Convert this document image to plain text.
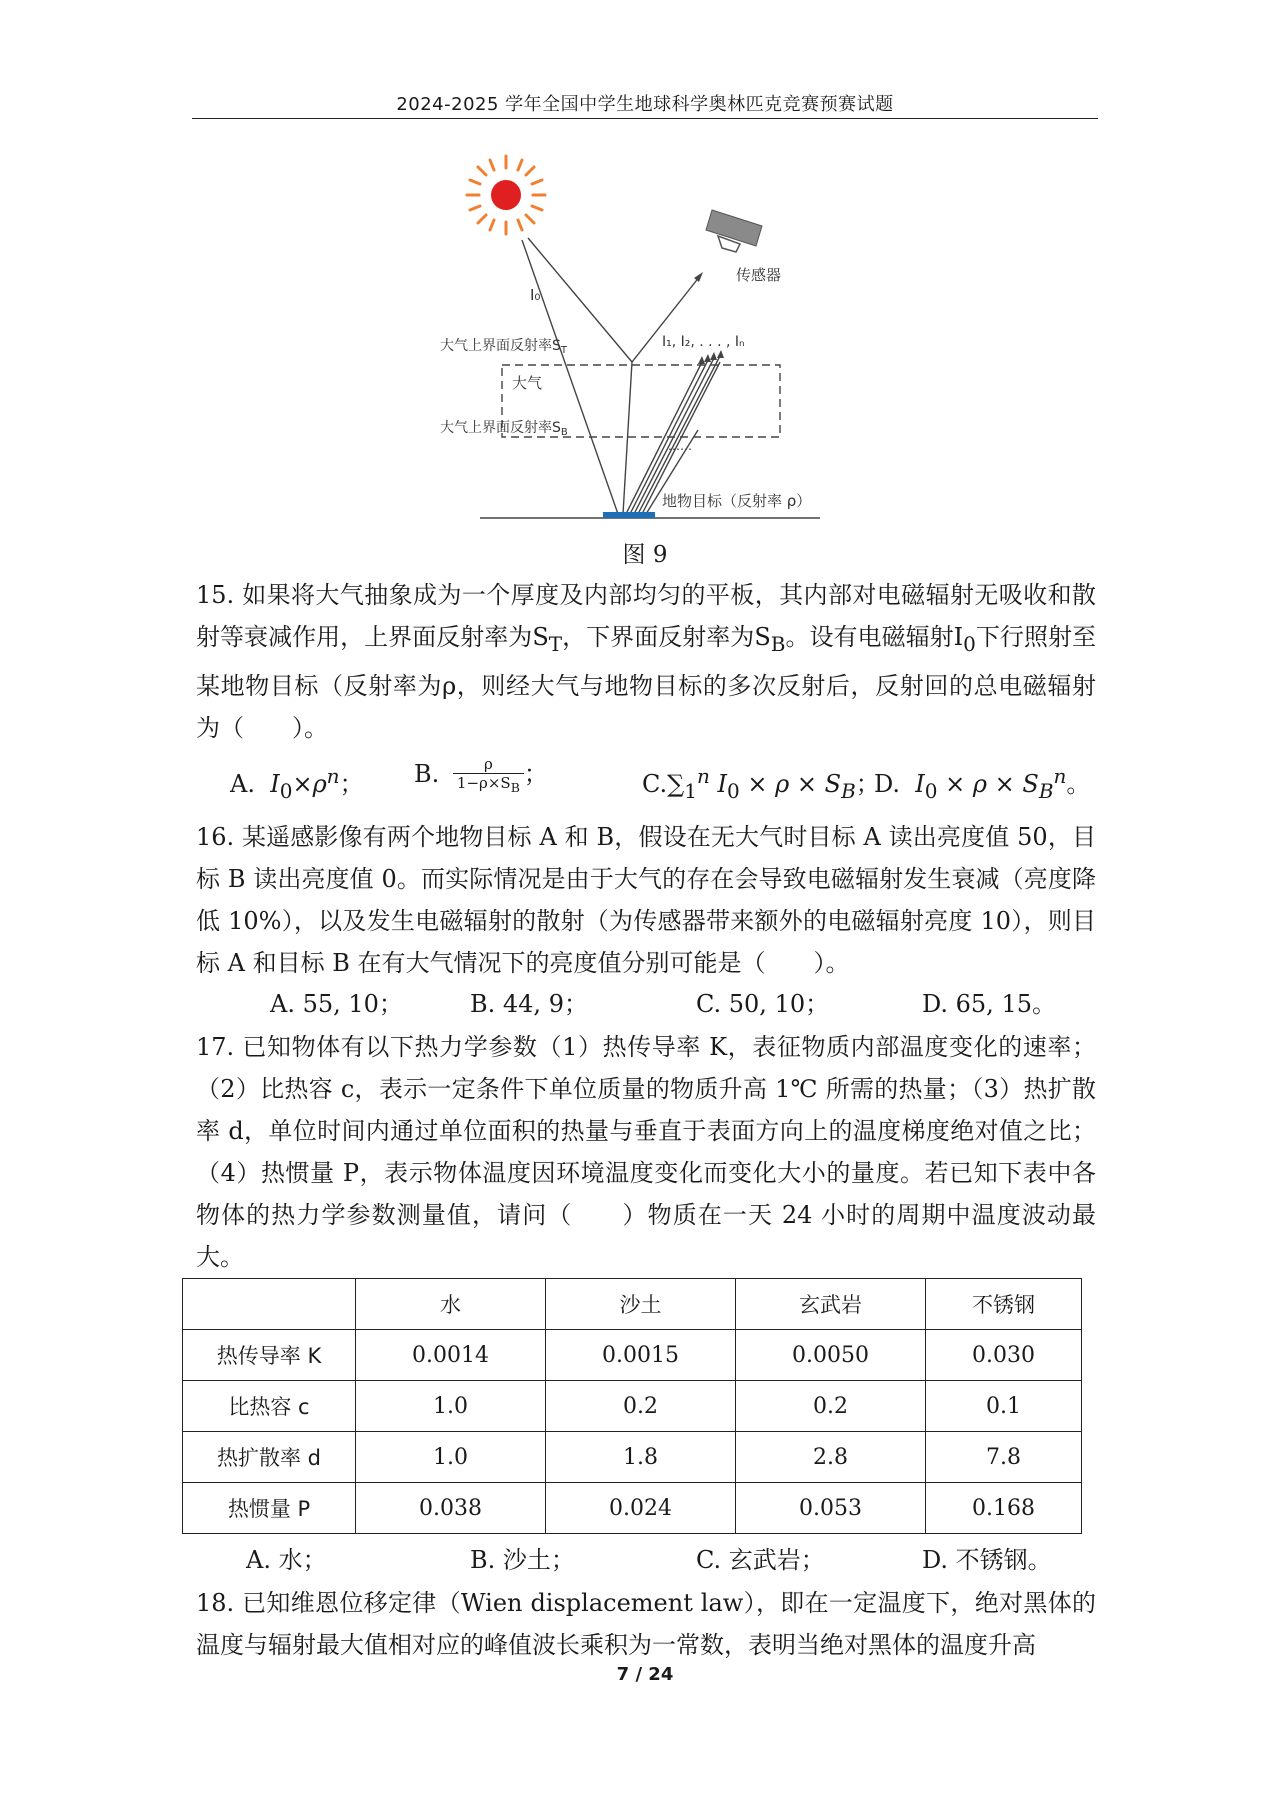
2024-2025 学年全国中学生地球科学奥林匹克竞赛预赛试题
I₀
传感器
大气上界面反射率$S_T$
I₁, I₂, . . . , Iₙ
大气
大气上界面反射率$S_B$
……
地物目标（反射率 ρ）
图 9

15. 如果将大气抽象成为一个厚度及内部均匀的平板，其内部对电磁辐射无吸收和散射等衰减作用，上界面反射率为$S_T$，下界面反射率为$S_B$。设有电磁辐射$I_0$下行照射至某地物目标（反射率为ρ，则经大气与地物目标的多次反射后，反射回的总电磁辐射为（　　）。

A. $I_0\times\rho^n$； B. $\frac{\rho}{1-\rho\times S_B}$ ；	$C.\sum_1^n$ $I_0 \times \rho \times S_B$；
D. $I_0 \times \rho \times S_B^n$。

16. 某遥感影像有两个地物目标 A 和 B，假设在无大气时目标 A 读出亮度值 50，目标 B 读出亮度值 0。而实际情况是由于大气的存在会导致电磁辐射发生衰减（亮度降低 10%），以及发生电磁辐射的散射（为传感器带来额外的电磁辐射亮度 10），则目标 A 和目标 B 在有大气情况下的亮度值分别可能是（　　）。

A. 55, 10；	B. 44, 9；	C. 50, 10；	D. 65, 15。

17. 已知物体有以下热力学参数（1）热传导率 K，表征物质内部温度变化的速率；（2）比热容 c，表示一定条件下单位质量的物质升高 1℃ 所需的热量；（3）热扩散率 d，单位时间内通过单位面积的热量与垂直于表面方向上的温度梯度绝对值之比；（4）热惯量 P，表示物体温度因环境温度变化而变化大小的量度。若已知下表中各物体的热力学参数测量值，请问（　　）物质在一天 24 小时的周期中温度波动最大。

	水	沙土	玄武岩	不锈钢
热传导率 K	0.0014	0.0015	0.0050	0.030
比热容 c	1.0	0.2	0.2	0.1
热扩散率 d	1.0	1.8	2.8	7.8
热惯量 P	0.038	0.024	0.053	0.168
A. 水；	B. 沙土；	C. 玄武岩；	D. 不锈钢。

18. 已知维恩位移定律（Wien displacement law），即在一定温度下，绝对黑体的温度与辐射最大值相对应的峰值波长乘积为一常数，表明当绝对黑体的温度升高

7 / 24
